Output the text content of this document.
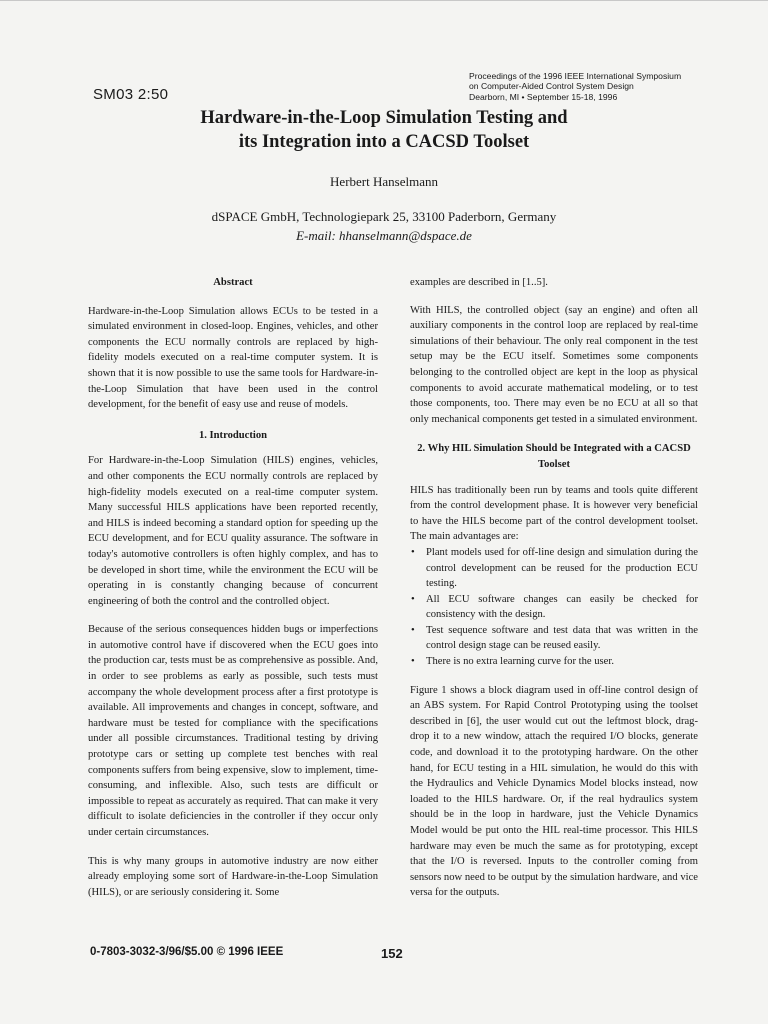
Proceedings of the 1996 IEEE International Symposium
on Computer-Aided Control System Design
Dearborn, MI • September 15-18, 1996
SM03 2:50
Hardware-in-the-Loop Simulation Testing and
its Integration into a CACSD Toolset
Herbert Hanselmann
dSPACE GmbH, Technologiepark 25, 33100 Paderborn, Germany
E-mail: hhanselmann@dspace.de
Abstract

Hardware-in-the-Loop Simulation allows ECUs to be tested in a simulated environment in closed-loop. Engines, vehicles, and other components the ECU normally controls are replaced by high-fidelity models executed on a real-time computer system. It is shown that it is now possible to use the same tools for Hardware-in-the-Loop Simulation that have been used in the control development, for the benefit of easy use and reuse of models.

1. Introduction

For Hardware-in-the-Loop Simulation (HILS) engines, vehicles, and other components the ECU normally controls are replaced by high-fidelity models executed on a real-time computer system. Many successful HILS applications have been reported recently, and HILS is indeed becoming a standard option for speeding up the ECU development, and for ECU quality assurance. The software in today's automotive controllers is often highly complex, and has to be developed in short time, while the environment the ECU will be operating in is constantly changing because of concurrent engineering of both the control and the controlled object.

Because of the serious consequences hidden bugs or imperfections in automotive control have if discovered when the ECU goes into the production car, tests must be as comprehensive as possible. And, in order to see problems as early as possible, such tests must accompany the whole development process after a first prototype is available. All improvements and changes in concept, software, and hardware must be tested for compliance with the specifications under all possible circumstances. Traditional testing by driving prototype cars or setting up complete test benches with real components suffers from being expensive, slow to implement, time-consuming, and inflexible. Also, such tests are difficult or impossible to repeat as accurately as required. That can make it very difficult to isolate deficiencies in the controller if they occur only under certain circumstances.

This is why many groups in automotive industry are now either already employing some sort of Hardware-in-the-Loop Simulation (HILS), or are seriously considering it. Some

examples are described in [1..5].

With HILS, the controlled object (say an engine) and often all auxiliary components in the control loop are replaced by real-time simulations of their behaviour. The only real component in the test setup may be the ECU itself. Sometimes some components belonging to the controlled object are kept in the loop as physical components to avoid accurate mathematical modeling, or to test those components, too. There may even be no ECU at all so that only mechanical components get tested in a simulated environment.

2. Why HIL Simulation Should be Integrated with a CACSD Toolset

HILS has traditionally been run by teams and tools quite different from the control development phase. It is however very beneficial to have the HILS become part of the control development toolset. The main advantages are:

• Plant models used for off-line design and simulation during the control development can be reused for the production ECU testing.
• All ECU software changes can easily be checked for consistency with the design.
• Test sequence software and test data that was written in the control design stage can be reused easily.
• There is no extra learning curve for the user.

Figure 1 shows a block diagram used in off-line control design of an ABS system. For Rapid Control Prototyping using the toolset described in [6], the user would cut out the leftmost block, drag-drop it to a new window, attach the required I/O blocks, generate code, and download it to the prototyping hardware. On the other hand, for ECU testing in a HIL simulation, he would do this with the Hydraulics and Vehicle Dynamics Model blocks instead, now loaded to the HILS hardware. Or, if the real hydraulics system should be in the loop in hardware, just the Vehicle Dynamics Model would be put onto the HIL real-time processor. This HILS hardware may even be much the same as for prototyping, except that the I/O is reversed. Inputs to the controller coming from sensors now need to be output by the simulation hardware, and vice versa for the outputs.

0-7803-3032-3/96/$5.00 © 1996 IEEE	152
